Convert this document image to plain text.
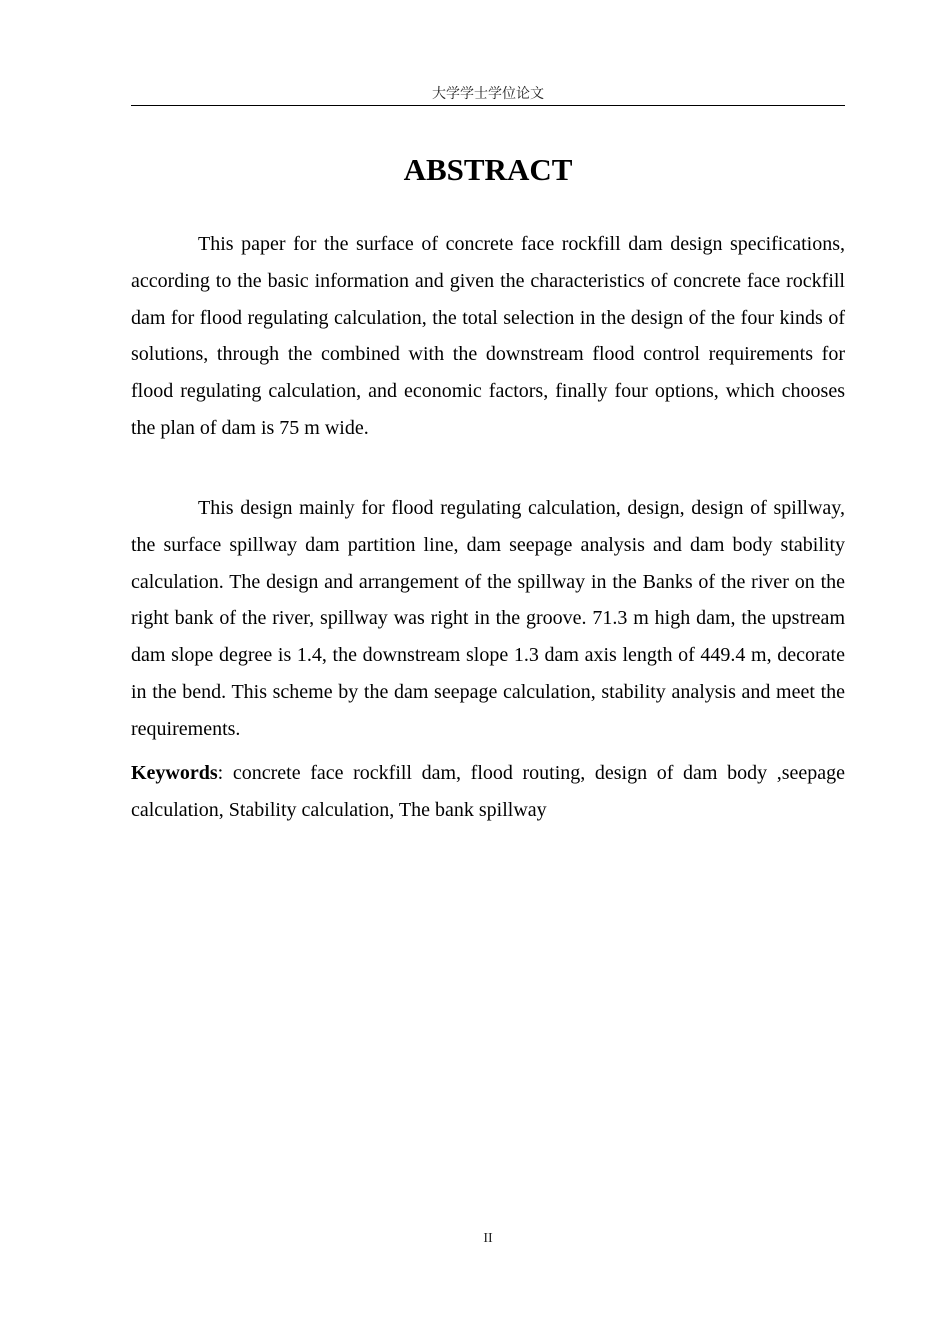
大学学士学位论文
ABSTRACT

This paper for the surface of concrete face rockfill dam design specifications, according to the basic information and given the characteristics of concrete face rockfill dam for flood regulating calculation, the total selection in the design of the four kinds of solutions, through the combined with the downstream flood control requirements for flood regulating calculation, and economic factors, finally four options, which chooses the plan of dam is 75 m wide.

This design mainly for flood regulating calculation, design, design of spillway, the surface spillway dam partition line, dam seepage analysis and dam body stability calculation. The design and arrangement of the spillway in the Banks of the river on the right bank of the river, spillway was right in the groove. 71.3 m high dam, the upstream dam slope degree is 1.4, the downstream slope 1.3 dam axis length of 449.4 m, decorate in the bend. This scheme by the dam seepage calculation, stability analysis and meet the requirements.

Keywords: concrete face rockfill dam, flood routing, design of dam body ,seepage calculation, Stability calculation, The bank spillway

II
